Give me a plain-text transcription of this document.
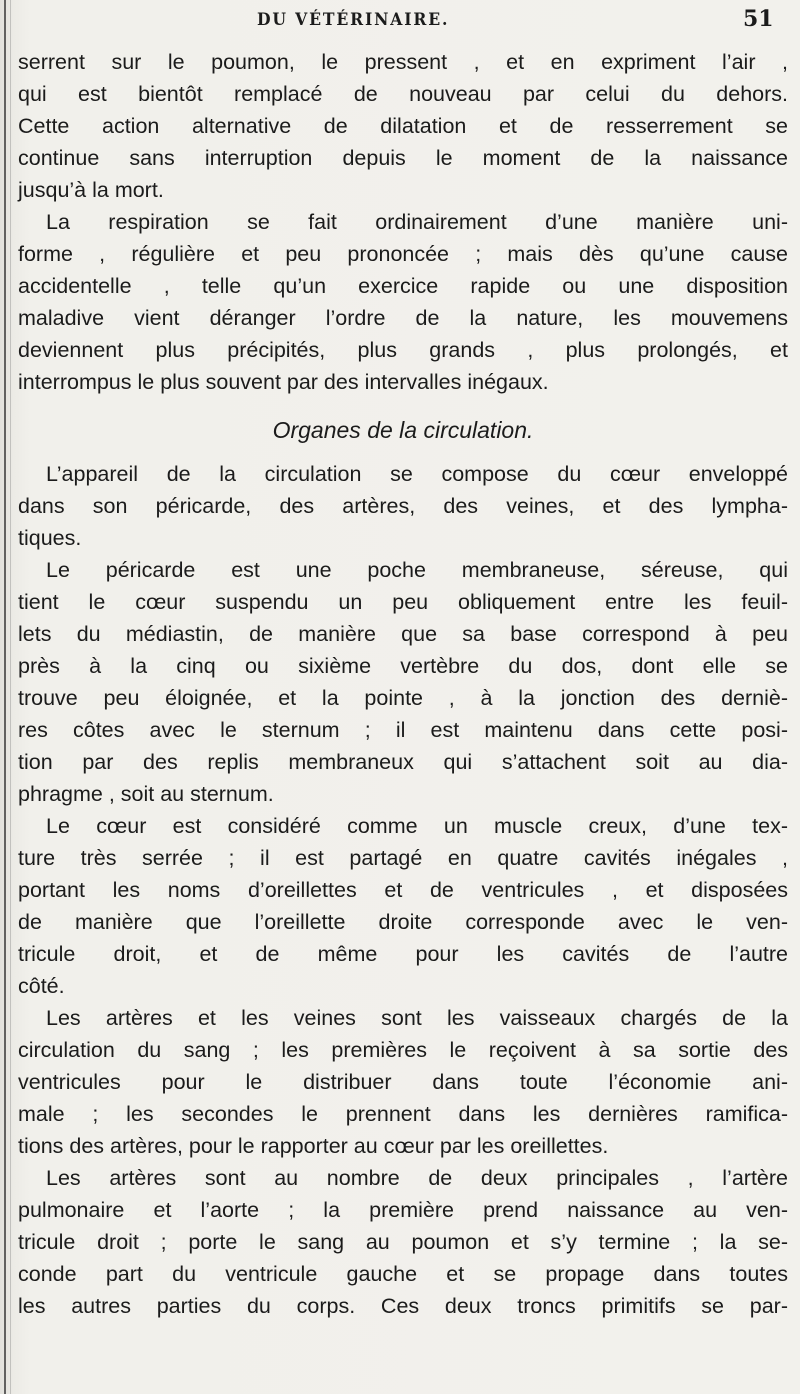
DU VÉTÉRINAIRE.	51
serrent sur le poumon, le pressent , et en expriment l’air ,
qui est bientôt remplacé de nouveau par celui du dehors.
Cette action alternative de dilatation et de resserrement se
continue sans interruption depuis le moment de la naissance
jusqu’à la mort.
La respiration se fait ordinairement d’une manière uni-
forme , régulière et peu prononcée ; mais dès qu’une cause
accidentelle , telle qu’un exercice rapide ou une disposition
maladive vient déranger l’ordre de la nature, les mouvemens
deviennent plus précipités, plus grands , plus prolongés, et
interrompus le plus souvent par des intervalles inégaux.
Organes de la circulation.
L’appareil de la circulation se compose du cœur enveloppé
dans son péricarde, des artères, des veines, et des lympha-
tiques.
Le péricarde est une poche membraneuse, séreuse, qui
tient le cœur suspendu un peu obliquement entre les feuil-
lets du médiastin, de manière que sa base correspond à peu
près à la cinq ou sixième vertèbre du dos, dont elle se
trouve peu éloignée, et la pointe , à la jonction des derniè-
res côtes avec le sternum ; il est maintenu dans cette posi-
tion par des replis membraneux qui s’attachent soit au dia-
phragme , soit au sternum.
Le cœur est considéré comme un muscle creux, d’une tex-
ture très serrée ; il est partagé en quatre cavités inégales ,
portant les noms d’oreillettes et de ventricules , et disposées
de manière que l’oreillette droite corresponde avec le ven-
tricule droit, et de même pour les cavités de l’autre
côté.
Les artères et les veines sont les vaisseaux chargés de la
circulation du sang ; les premières le reçoivent à sa sortie des
ventricules pour le distribuer dans toute l’économie ani-
male ; les secondes le prennent dans les dernières ramifica-
tions des artères, pour le rapporter au cœur par les oreillettes.
Les artères sont au nombre de deux principales , l’artère
pulmonaire et l’aorte ; la première prend naissance au ven-
tricule droit ; porte le sang au poumon et s’y termine ; la se-
conde part du ventricule gauche et se propage dans toutes
les autres parties du corps. Ces deux troncs primitifs se par-
